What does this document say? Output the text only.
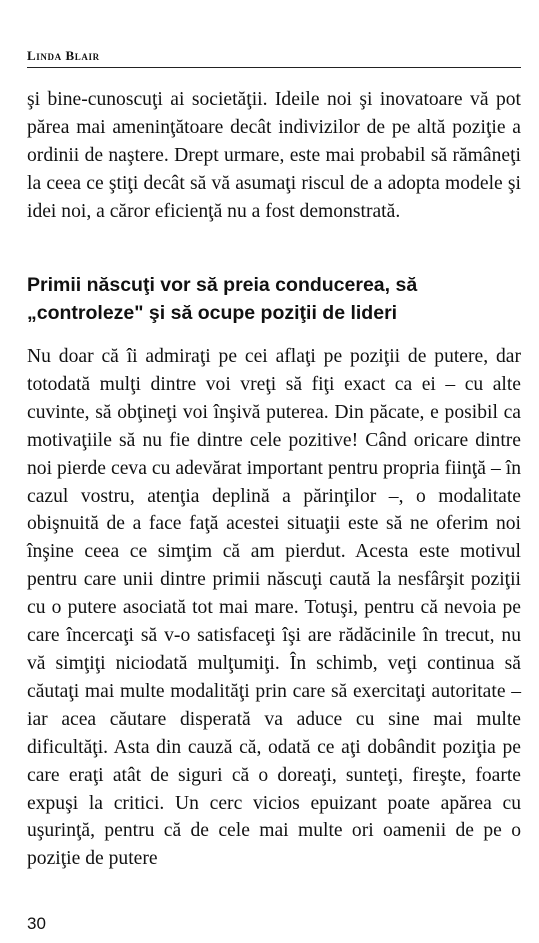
Linda Blair

şi bine-cunoscuţi ai societăţii. Ideile noi şi inovatoare vă pot părea mai ameninţătoare decât indivizilor de pe altă poziţie a ordinii de naştere. Drept urmare, este mai probabil să rămâneţi la ceea ce ştiţi decât să vă asumaţi riscul de a adopta modele şi idei noi, a căror eficienţă nu a fost demonstrată.

Primii născuţi vor să preia conducerea, să „controleze" şi să ocupe poziţii de lideri

Nu doar că îi admiraţi pe cei aflaţi pe poziţii de putere, dar totodată mulţi dintre voi vreţi să fiţi exact ca ei – cu alte cuvinte, să obţineţi voi înşivă puterea. Din păcate, e posibil ca motivaţiile să nu fie dintre cele pozitive! Când oricare dintre noi pierde ceva cu adevărat important pentru propria fiinţă – în cazul vostru, atenţia deplină a părinţilor –, o modalitate obişnuită de a face faţă acestei situaţii este să ne oferim noi înşine ceea ce simţim că am pierdut. Acesta este motivul pentru care unii dintre primii născuţi caută la nesfârşit poziţii cu o putere asociată tot mai mare. Totuşi, pentru că nevoia pe care încercaţi să v-o satisfaceţi îşi are rădăcinile în trecut, nu vă simţiţi niciodată mulţumiţi. În schimb, veţi continua să căutaţi mai multe modalităţi prin care să exercitaţi autoritate – iar acea căutare disperată va aduce cu sine mai multe dificultăţi. Asta din cauză că, odată ce aţi dobândit poziţia pe care eraţi atât de siguri că o doreaţi, sunteţi, fireşte, foarte expuşi la critici. Un cerc vicios epuizant poate apărea cu uşurinţă, pentru că de cele mai multe ori oamenii de pe o poziţie de putere

30
